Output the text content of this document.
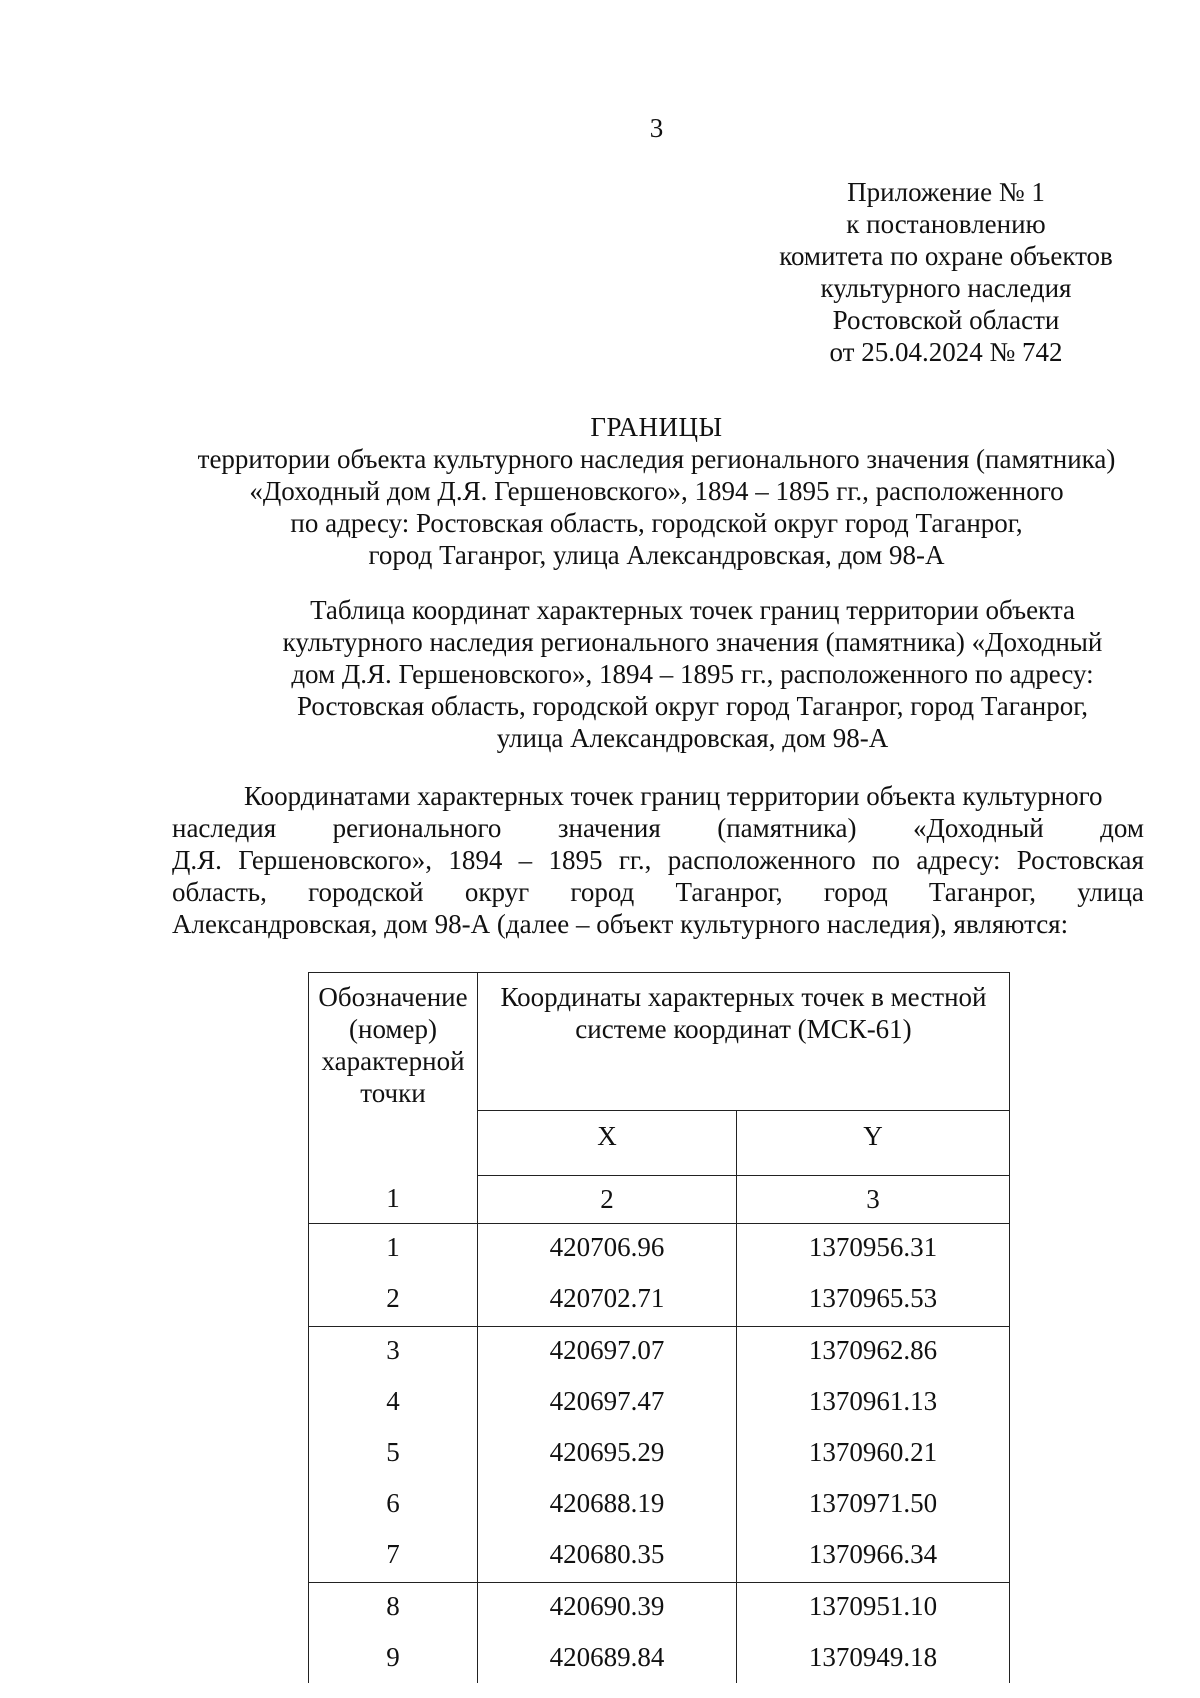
3
Приложение № 1
к постановлению
комитета по охране объектов
культурного наследия
Ростовской области
от 25.04.2024 № 742
ГРАНИЦЫ
территории объекта культурного наследия регионального значения (памятника)
«Доходный дом Д.Я. Гершеновского», 1894 – 1895 гг., расположенного
по адресу: Ростовская область, городской округ город Таганрог,
город Таганрог, улица Александровская, дом 98-А
Таблица координат характерных точек границ территории объекта
культурного наследия регионального значения (памятника) «Доходный
дом Д.Я. Гершеновского», 1894 – 1895 гг., расположенного по адресу:
Ростовская область, городской округ город Таганрог, город Таганрог,
улица Александровская, дом 98-А
Координатами характерных точек границ территории объекта культурного
наследия регионального значения (памятника) «Доходный дом
Д.Я. Гершеновского», 1894 – 1895 гг., расположенного по адресу: Ростовская
область, городской округ город Таганрог, город Таганрог, улица
Александровская, дом 98-А (далее – объект культурного наследия), являются:
Обозначение (номер) характерной точки	Координаты характерных точек в местной системе координат (МСК-61)	
	X	Y
1	2	3
1	420706.96	1370956.31
2	420702.71	1370965.53
3	420697.07	1370962.86
4	420697.47	1370961.13
5	420695.29	1370960.21
6	420688.19	1370971.50
7	420680.35	1370966.34
8	420690.39	1370951.10
9	420689.84	1370949.18
